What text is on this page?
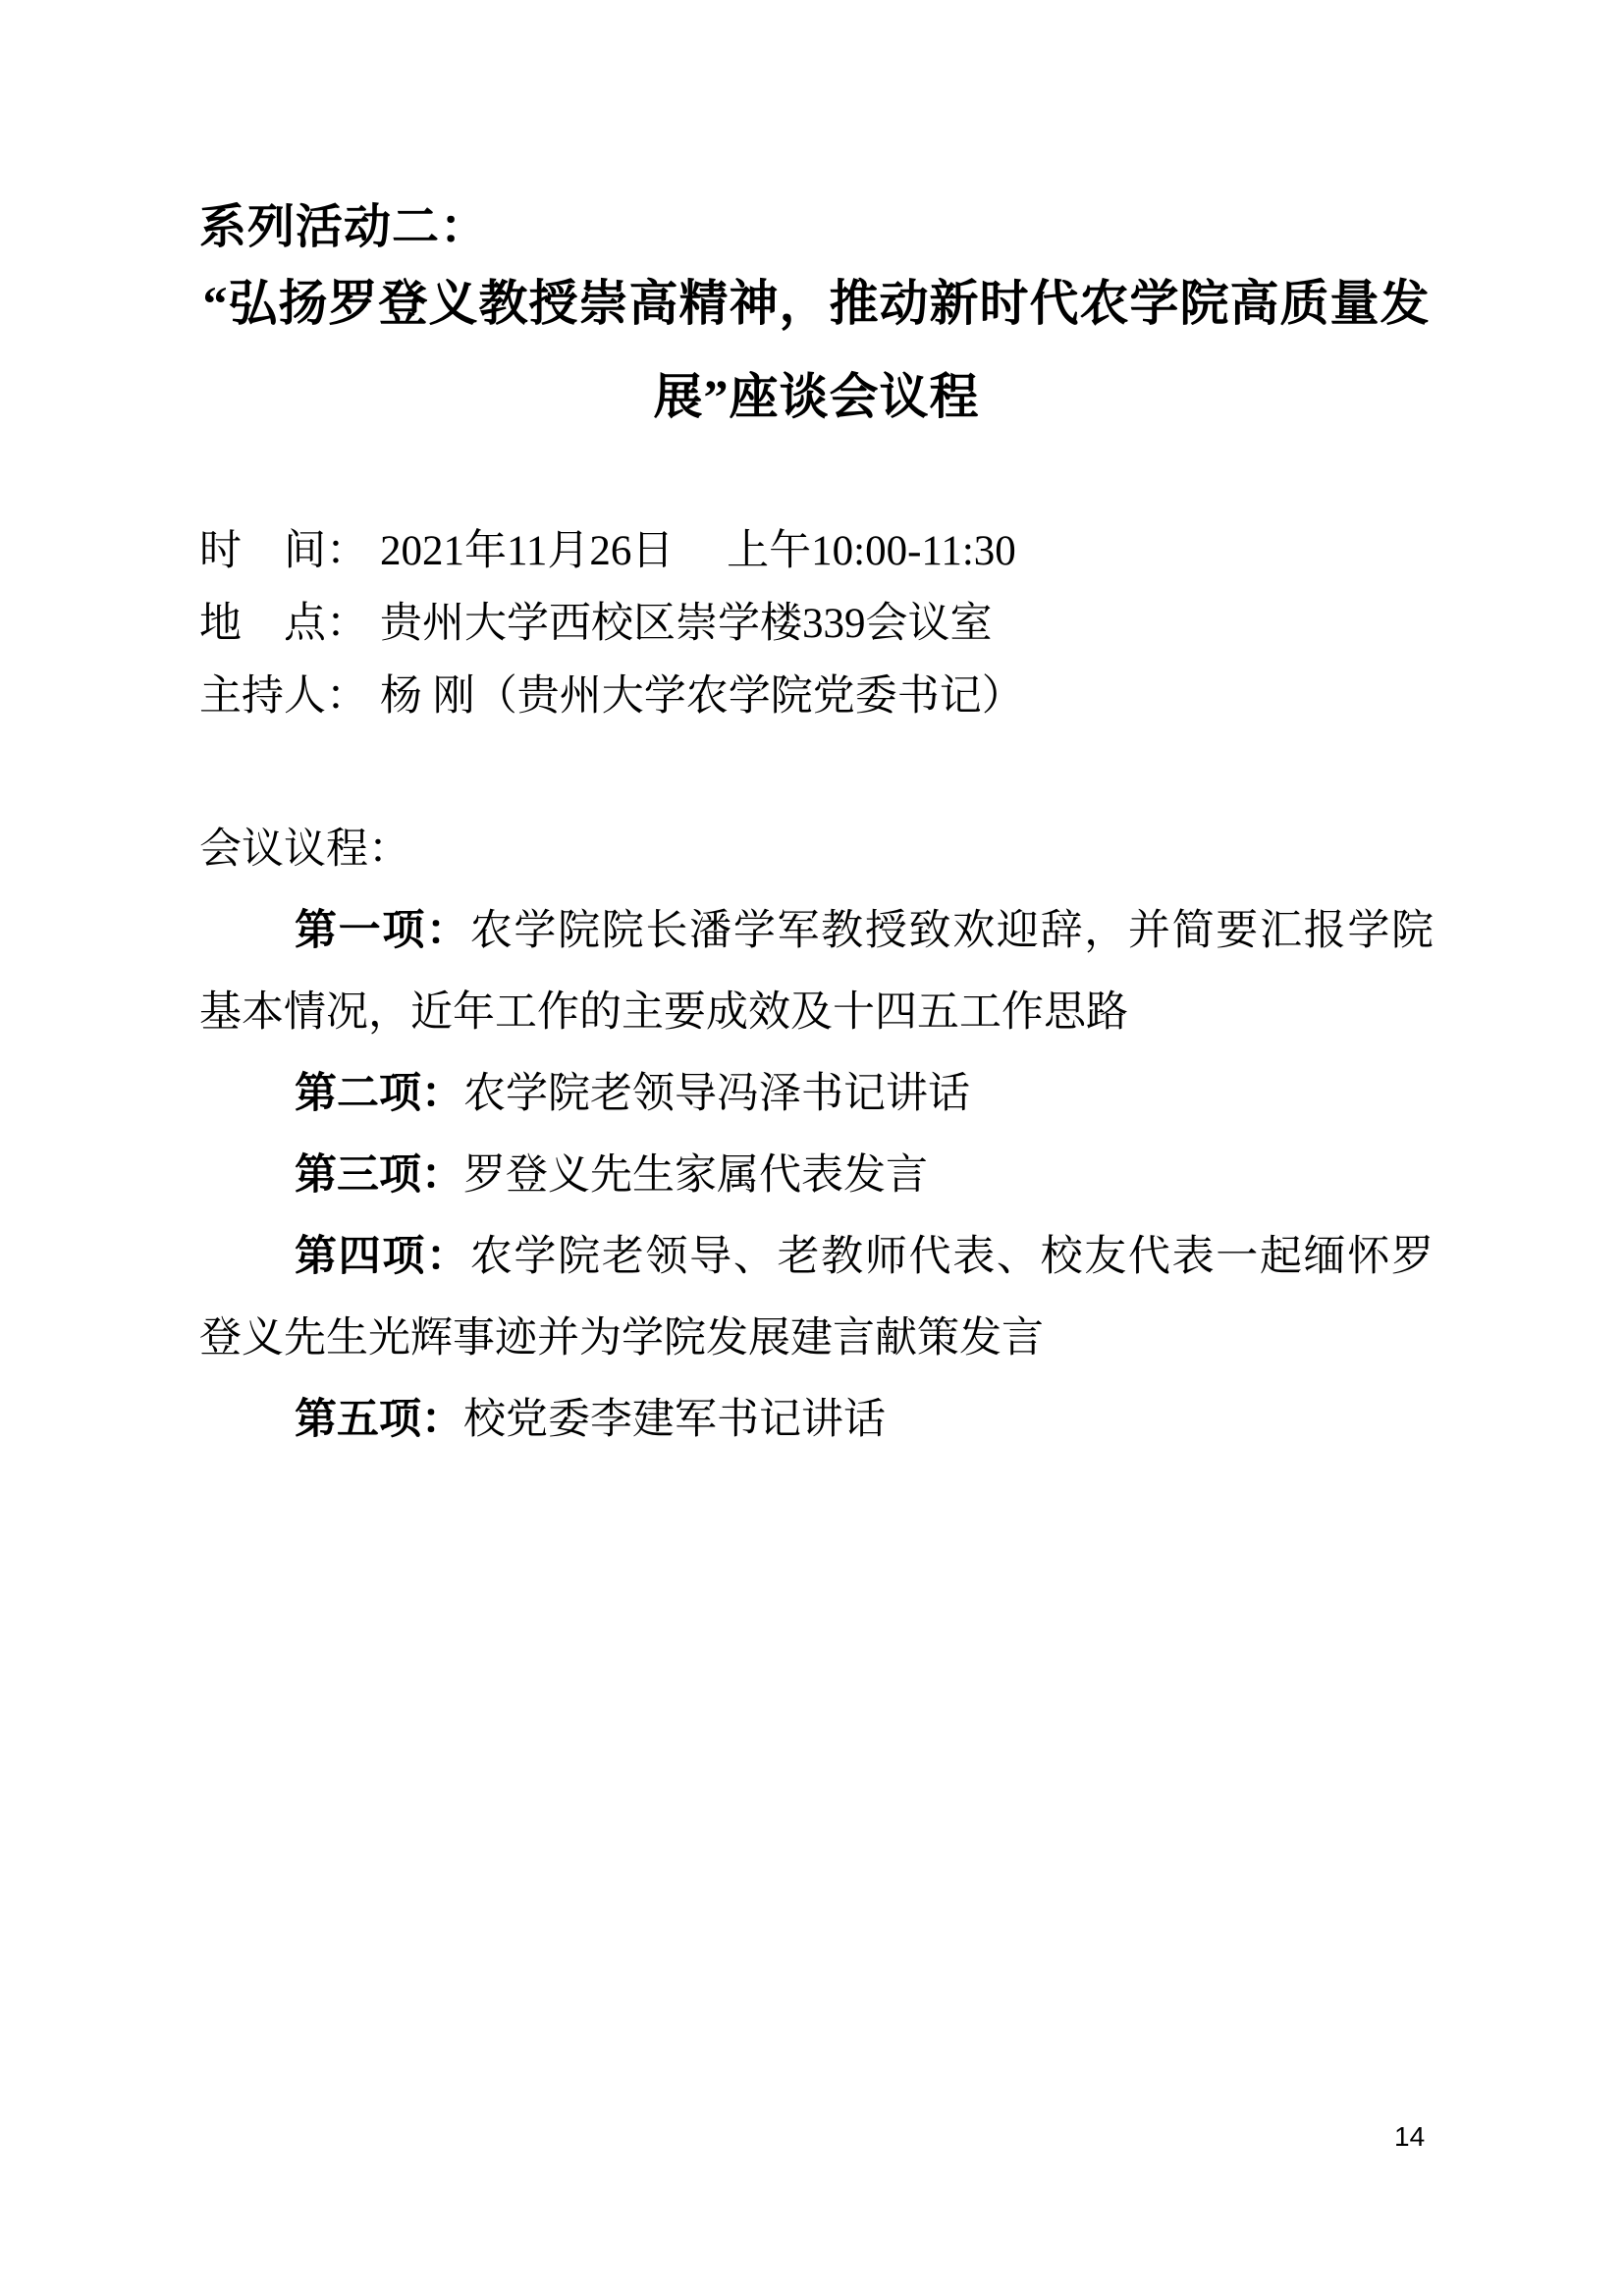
系列活动二：
“弘扬罗登义教授崇高精神，推动新时代农学院高质量发
展”座谈会议程
时　间： 2021年11月26日　 上午10:00-11:30
地　点： 贵州大学西校区崇学楼339会议室
主持人： 杨 刚（贵州大学农学院党委书记）
会议议程：
第一项：农学院院长潘学军教授致欢迎辞，并简要汇报学院
基本情况，近年工作的主要成效及十四五工作思路
第二项：农学院老领导冯泽书记讲话
第三项：罗登义先生家属代表发言
第四项：农学院老领导、老教师代表、校友代表一起缅怀罗
登义先生光辉事迹并为学院发展建言献策发言
第五项：校党委李建军书记讲话
14
